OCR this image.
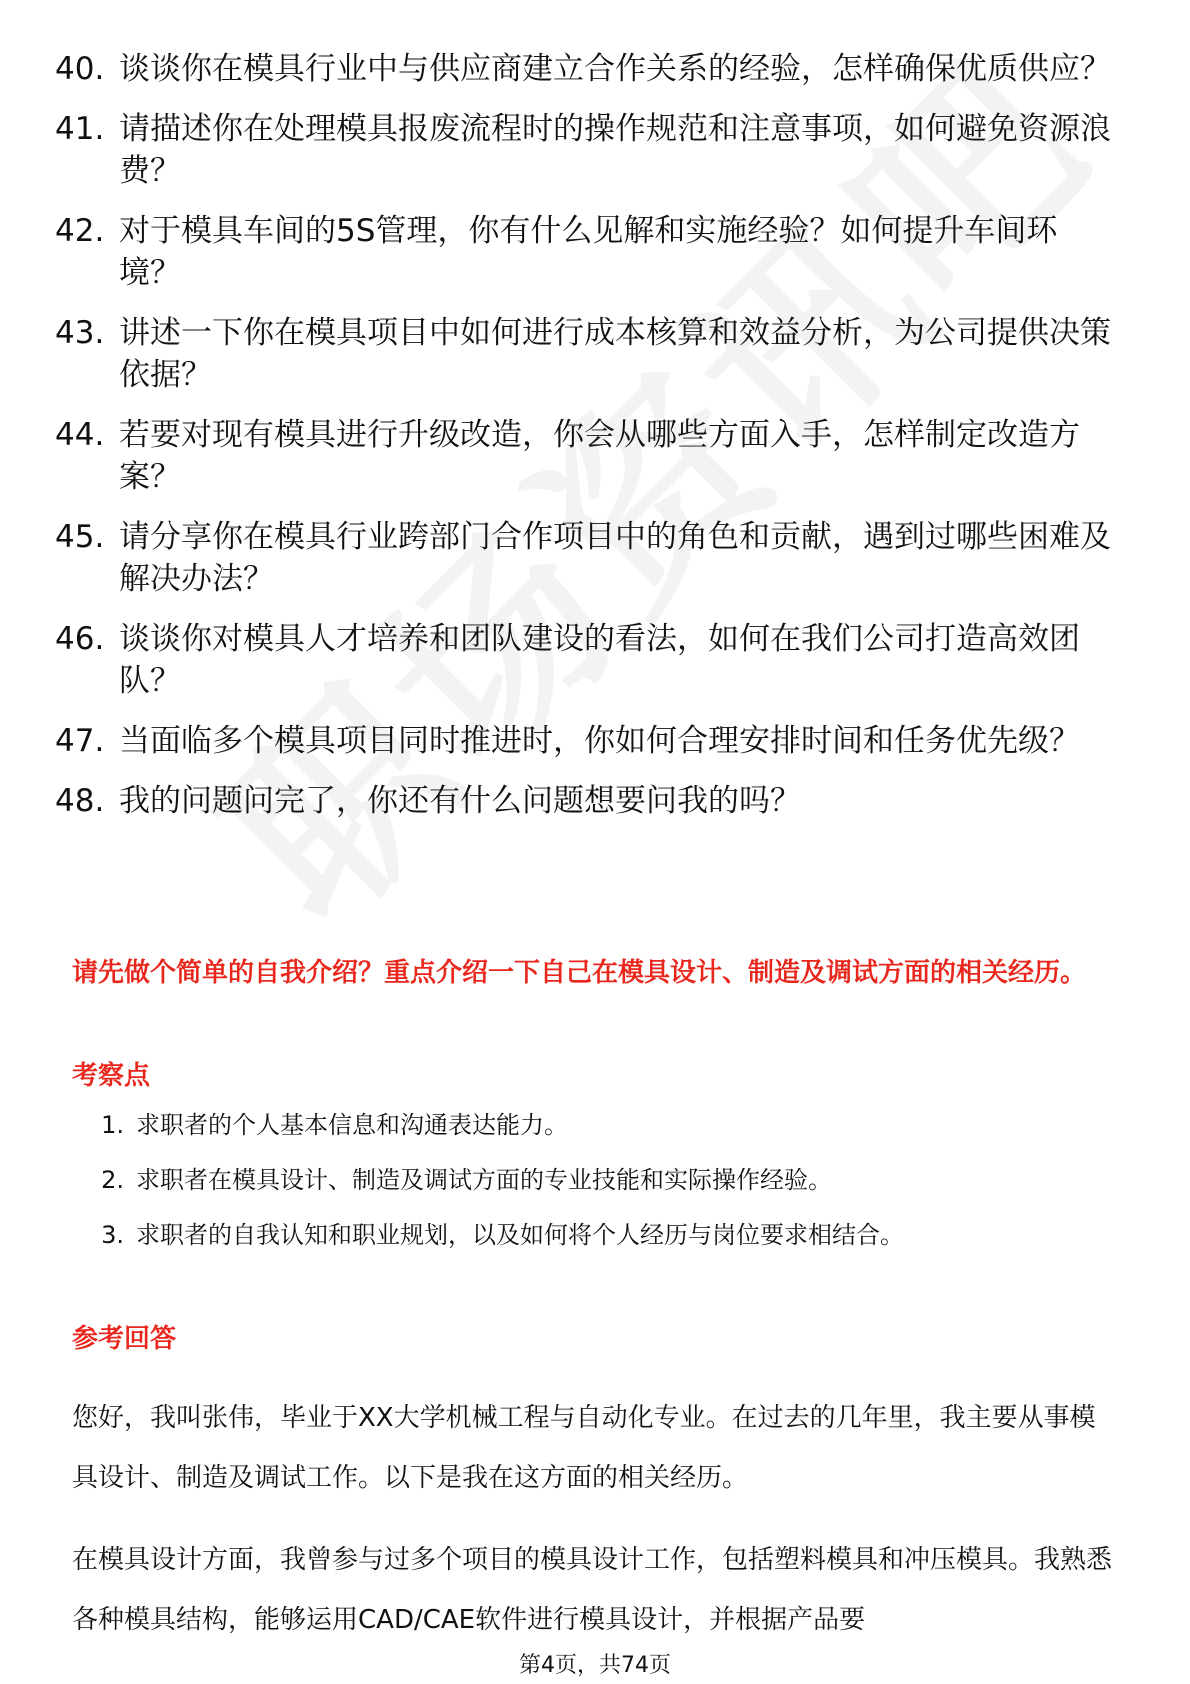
40. 谈谈你在模具行业中与供应商建立合作关系的经验，怎样确保优质供应？
41. 请描述你在处理模具报废流程时的操作规范和注意事项，如何避免资源浪费？
42. 对于模具车间的5S管理，你有什么见解和实施经验？如何提升车间环境？
43. 讲述一下你在模具项目中如何进行成本核算和效益分析，为公司提供决策依据？
44. 若要对现有模具进行升级改造，你会从哪些方面入手，怎样制定改造方案？
45. 请分享你在模具行业跨部门合作项目中的角色和贡献，遇到过哪些困难及解决办法？
46. 谈谈你对模具人才培养和团队建设的看法，如何在我们公司打造高效团队？
47. 当面临多个模具项目同时推进时，你如何合理安排时间和任务优先级？
48. 我的问题问完了，你还有什么问题想要问我的吗？
请先做个简单的自我介绍？重点介绍一下自己在模具设计、制造及调试方面的相关经历。
考察点
1. 求职者的个人基本信息和沟通表达能力。
2. 求职者在模具设计、制造及调试方面的专业技能和实际操作经验。
3. 求职者的自我认知和职业规划，以及如何将个人经历与岗位要求相结合。
参考回答
您好，我叫张伟，毕业于XX大学机械工程与自动化专业。在过去的几年里，我主要从事模具设计、制造及调试工作。以下是我在这方面的相关经历。
在模具设计方面，我曾参与过多个项目的模具设计工作，包括塑料模具和冲压模具。我熟悉各种模具结构，能够运用CAD/CAE软件进行模具设计，并根据产品要
第4页，共74页
